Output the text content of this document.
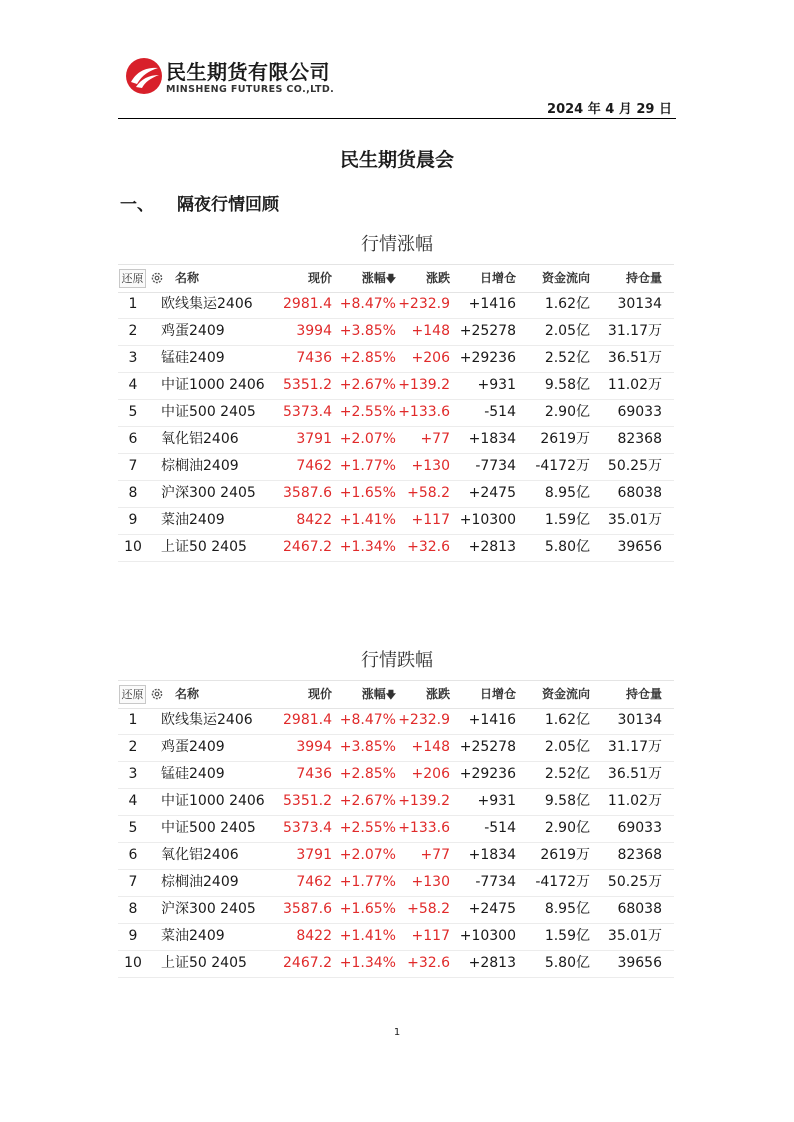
民生期货有限公司
MINSHENG FUTURES CO.,LTD.
2024 年 4 月 29 日
民生期货晨会
一、 隔夜行情回顾
行情涨幅
还原	名称	现价 涨幅🡇 涨跌 日增仓 资金流向	持仓量
1	欧线集运2406 2981.4 +8.47% +232.9 +1416 1.62亿 30134
2	鸡蛋2409	3994 +3.85% +148 +25278 2.05亿 31.17万
3	锰硅2409	7436 +2.85% +206 +29236 2.52亿 36.51万
4	中证1000 2406 5351.2 +2.67% +139.2 +931 9.58亿 11.02万
5	中证500 2405 5373.4 +2.55% +133.6 -514 2.90亿 69033
6	氧化铝2406	3791 +2.07% +77 +1834 2619万 82368
7	棕榈油2409	7462 +1.77% +130 -7734 -4172万 50.25万
8	沪深300 2405 3587.6 +1.65% +58.2 +2475 8.95亿 68038
9	菜油2409	8422 +1.41% +117 +10300 1.59亿 35.01万
10	上证50 2405	2467.2 +1.34% +32.6 +2813 5.80亿 39656
行情跌幅
还原	名称	现价 涨幅🡇 涨跌 日增仓 资金流向	持仓量
1	欧线集运2406 2981.4 +8.47% +232.9 +1416 1.62亿 30134
2	鸡蛋2409	3994 +3.85% +148 +25278 2.05亿 31.17万
3	锰硅2409	7436 +2.85% +206 +29236 2.52亿 36.51万
4	中证1000 2406 5351.2 +2.67% +139.2 +931 9.58亿 11.02万
5	中证500 2405 5373.4 +2.55% +133.6 -514 2.90亿 69033
6	氧化铝2406	3791 +2.07% +77 +1834 2619万 82368
7	棕榈油2409	7462 +1.77% +130 -7734 -4172万 50.25万
8	沪深300 2405 3587.6 +1.65% +58.2 +2475 8.95亿 68038
9	菜油2409	8422 +1.41% +117 +10300 1.59亿 35.01万
10	上证50 2405	2467.2 +1.34% +32.6 +2813 5.80亿 39656
1
